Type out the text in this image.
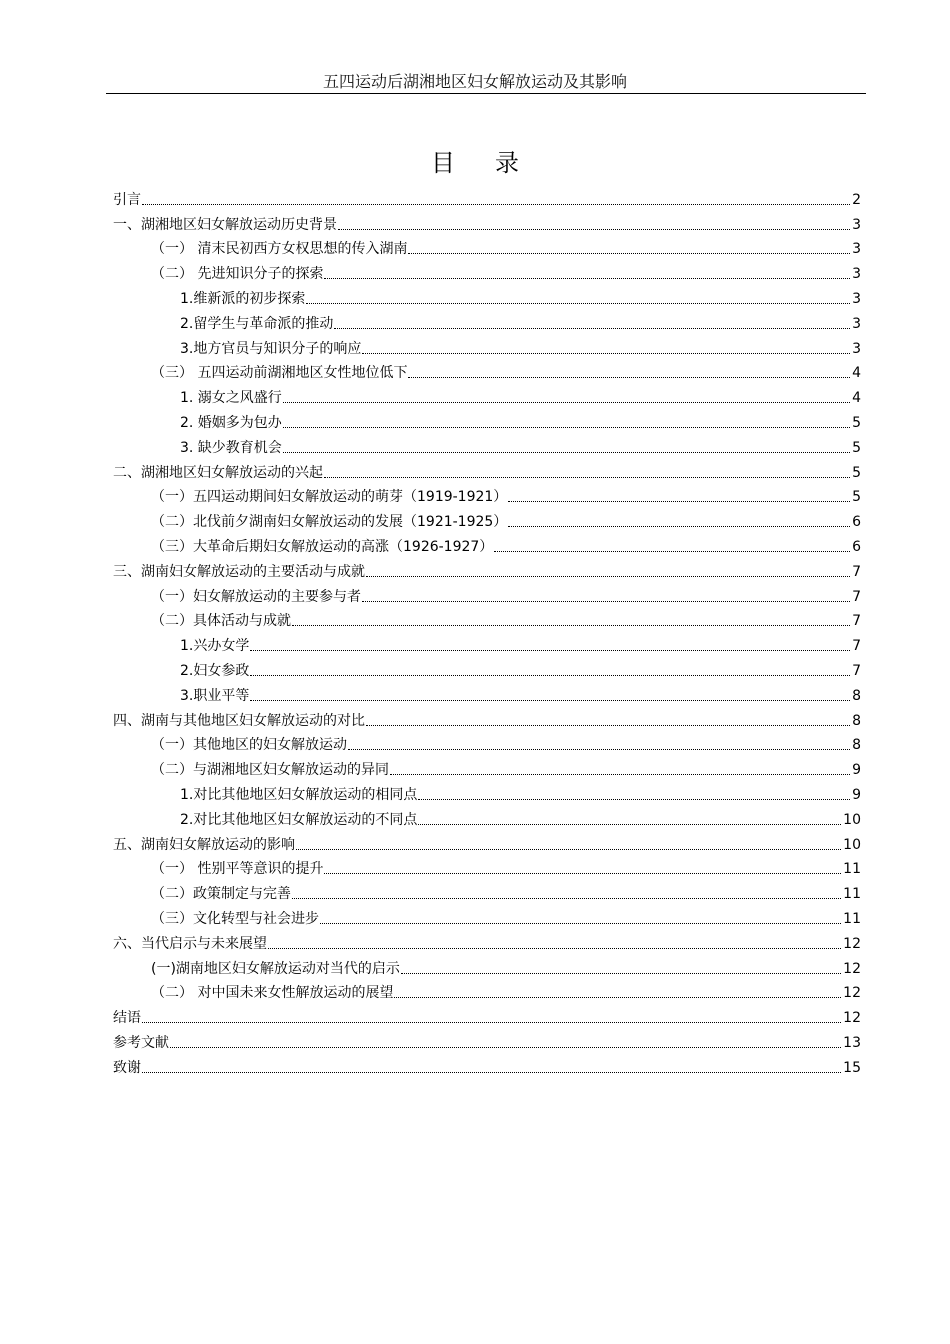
五四运动后湖湘地区妇女解放运动及其影响
目录
引言	2
一、湖湘地区妇女解放运动历史背景	3
（一） 清末民初西方女权思想的传入湖南	3
（二） 先进知识分子的探索	3
1.维新派的初步探索	3
2.留学生与革命派的推动	3
3.地方官员与知识分子的响应	3
（三） 五四运动前湖湘地区女性地位低下	4
1. 溺女之风盛行	4
2. 婚姻多为包办	5
3. 缺少教育机会	5
二、湖湘地区妇女解放运动的兴起	5
（一）五四运动期间妇女解放运动的萌芽（1919-1921）	5
（二）北伐前夕湖南妇女解放运动的发展（1921-1925）	6
（三）大革命后期妇女解放运动的高涨（1926-1927）	6
三、湖南妇女解放运动的主要活动与成就	7
（一）妇女解放运动的主要参与者	7
（二）具体活动与成就	7
1.兴办女学	7
2.妇女参政	7
3.职业平等	8
四、湖南与其他地区妇女解放运动的对比	8
（一）其他地区的妇女解放运动	8
（二）与湖湘地区妇女解放运动的异同	9
1.对比其他地区妇女解放运动的相同点	9
2.对比其他地区妇女解放运动的不同点	10
五、湖南妇女解放运动的影响	10
（一） 性别平等意识的提升	11
（二）政策制定与完善	11
（三）文化转型与社会进步	11
六、当代启示与未来展望	12
(一)湖南地区妇女解放运动对当代的启示	12
（二） 对中国未来女性解放运动的展望	12
结语	12
参考文献	13
致谢	15
